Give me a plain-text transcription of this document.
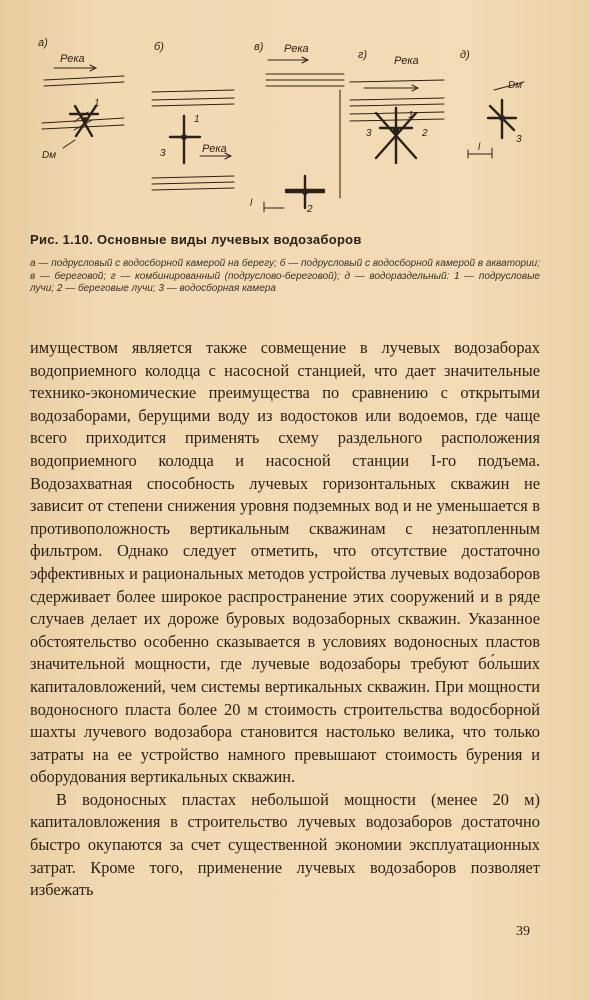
а)
Река
Dм
1
б)
Река
1
3
в) Река
l
2
г) Река
1
2
3
д)
Dм
l
3
Рис. 1.10. Основные виды лучевых водозаборов
а — подрусловый с водосборной камерой на берегу; б — подрусловый с водосборной камерой в акватории; в — береговой; г — комбинированный (подруслово-береговой); д — водораздельный: 1 — подрусловые лучи; 2 — береговые лучи; 3 — водосборная камера

имуществом является также совмещение в лучевых водозаборах водоприемного колодца с насосной станцией, что дает значительные технико-экономические преимущества по сравнению с открытыми водозаборами, берущими воду из водостоков или водоемов, где чаще всего приходится применять схему раздельного расположения водоприемного колодца и насосной станции I-го подъема. Водозахватная способность лучевых горизонтальных скважин не зависит от степени снижения уровня подземных вод и не уменьшается в противоположность вертикальным скважинам с незатопленным фильтром. Однако следует отметить, что отсутствие достаточно эффективных и рациональных методов устройства лучевых водозаборов сдерживает более широкое распространение этих сооружений и в ряде случаев делает их дороже буровых водозаборных скважин. Указанное обстоятельство особенно сказывается в условиях водоносных пластов значительной мощности, где лучевые водозаборы требуют бо́льших капиталовложений, чем системы вертикальных скважин. При мощности водоносного пласта более 20 м стоимость строительства водосборной шахты лучевого водозабора становится настолько велика, что только затраты на ее устройство намного превышают стоимость бурения и оборудования вертикальных скважин.

В водоносных пластах небольшой мощности (менее 20 м) капиталовложения в строительство лучевых водозаборов достаточно быстро окупаются за счет существенной экономии эксплуатационных затрат. Кроме того, применение лучевых водозаборов позволяет избежать

39
